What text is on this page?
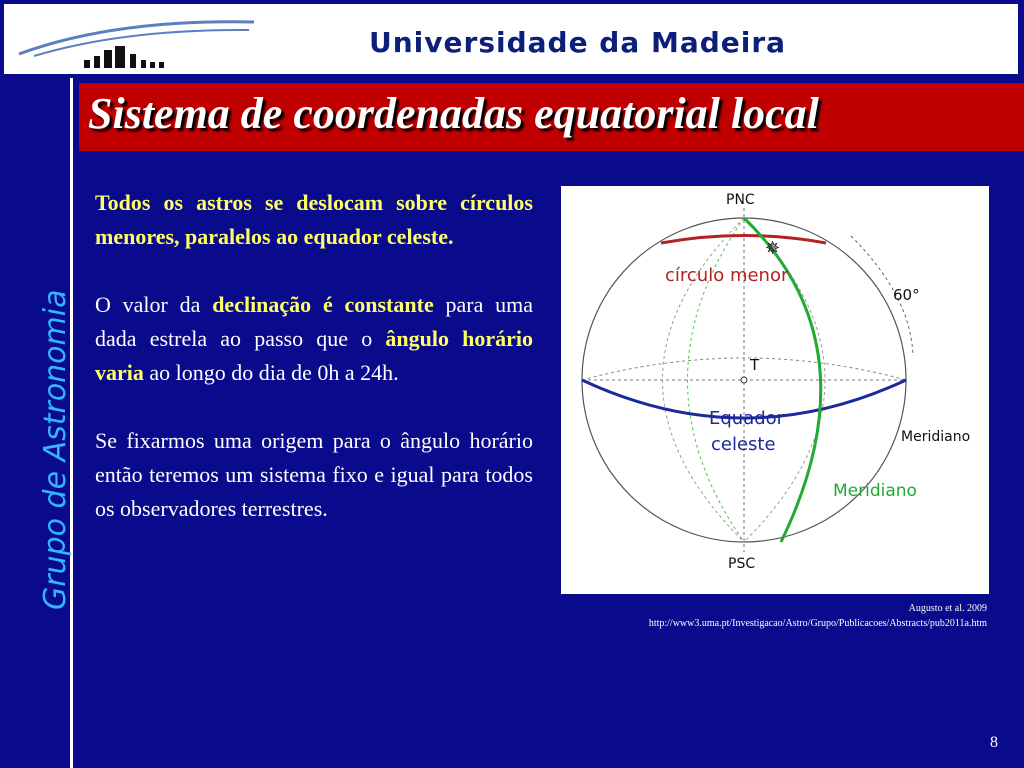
Universidade da Madeira
Grupo de Astronomia
Sistema de coordenadas equatorial local

Todos os astros se deslocam sobre círculos menores, paralelos ao equador celeste.

O valor da declinação é constante para uma dada estrela ao passo que o ângulo horário varia ao longo do dia de 0h a 24h.

Se fixarmos uma origem para o ângulo horário então teremos um sistema fixo e igual para todos os observadores terrestres.

✵
PNC
PSC
círculo menor
60°
T
Equador
celeste	Meridiano
Meridiano
Augusto et al. 2009
http://www3.uma.pt/Investigacao/Astro/Grupo/Publicacoes/Abstracts/pub2011a.htm
8
